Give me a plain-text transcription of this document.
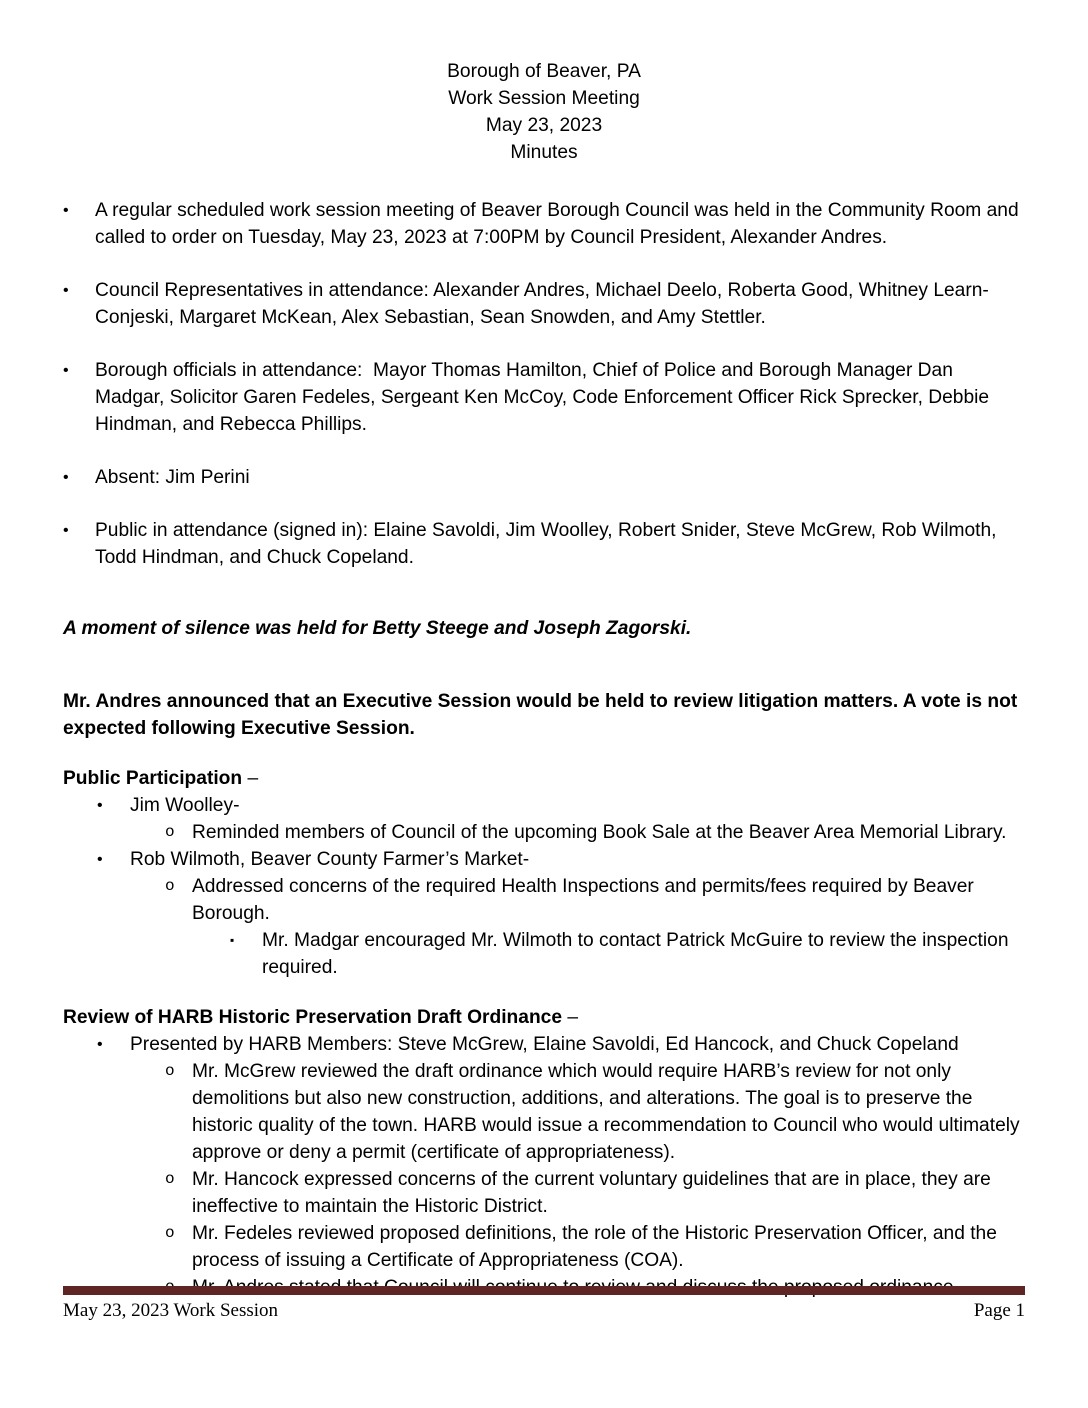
Borough of Beaver, PA
Work Session Meeting
May 23, 2023
Minutes
•	A regular scheduled work session meeting of Beaver Borough Council was held in the Community Room and called to order on Tuesday, May 23, 2023 at 7:00PM by Council President, Alexander Andres.
•	Council Representatives in attendance: Alexander Andres, Michael Deelo, Roberta Good, Whitney Learn-Conjeski, Margaret McKean, Alex Sebastian, Sean Snowden, and Amy Stettler.
•	Borough officials in attendance:  Mayor Thomas Hamilton, Chief of Police and Borough Manager Dan Madgar, Solicitor Garen Fedeles, Sergeant Ken McCoy, Code Enforcement Officer Rick Sprecker, Debbie Hindman, and Rebecca Phillips.
•	Absent: Jim Perini
•	Public in attendance (signed in): Elaine Savoldi, Jim Woolley, Robert Snider, Steve McGrew, Rob Wilmoth, Todd Hindman, and Chuck Copeland.
A moment of silence was held for Betty Steege and Joseph Zagorski.
Mr. Andres announced that an Executive Session would be held to review litigation matters. A vote is not expected following Executive Session.
Public Participation –
•	Jim Woolley-
o Reminded members of Council of the upcoming Book Sale at the Beaver Area Memorial Library.
•	Rob Wilmoth, Beaver County Farmer’s Market-
o Addressed concerns of the required Health Inspections and permits/fees required by Beaver Borough.
▪	Mr. Madgar encouraged Mr. Wilmoth to contact Patrick McGuire to review the inspection required.
Review of HARB Historic Preservation Draft Ordinance –
•	Presented by HARB Members: Steve McGrew, Elaine Savoldi, Ed Hancock, and Chuck Copeland
o Mr. McGrew reviewed the draft ordinance which would require HARB’s review for not only demolitions but also new construction, additions, and alterations. The goal is to preserve the historic quality of the town. HARB would issue a recommendation to Council who would ultimately approve or deny a permit (certificate of appropriateness).
o Mr. Hancock expressed concerns of the current voluntary guidelines that are in place, they are ineffective to maintain the Historic District.
o Mr. Fedeles reviewed proposed definitions, the role of the Historic Preservation Officer, and the process of issuing a Certificate of Appropriateness (COA).
May 23, 2023 Work Session	Page 1
